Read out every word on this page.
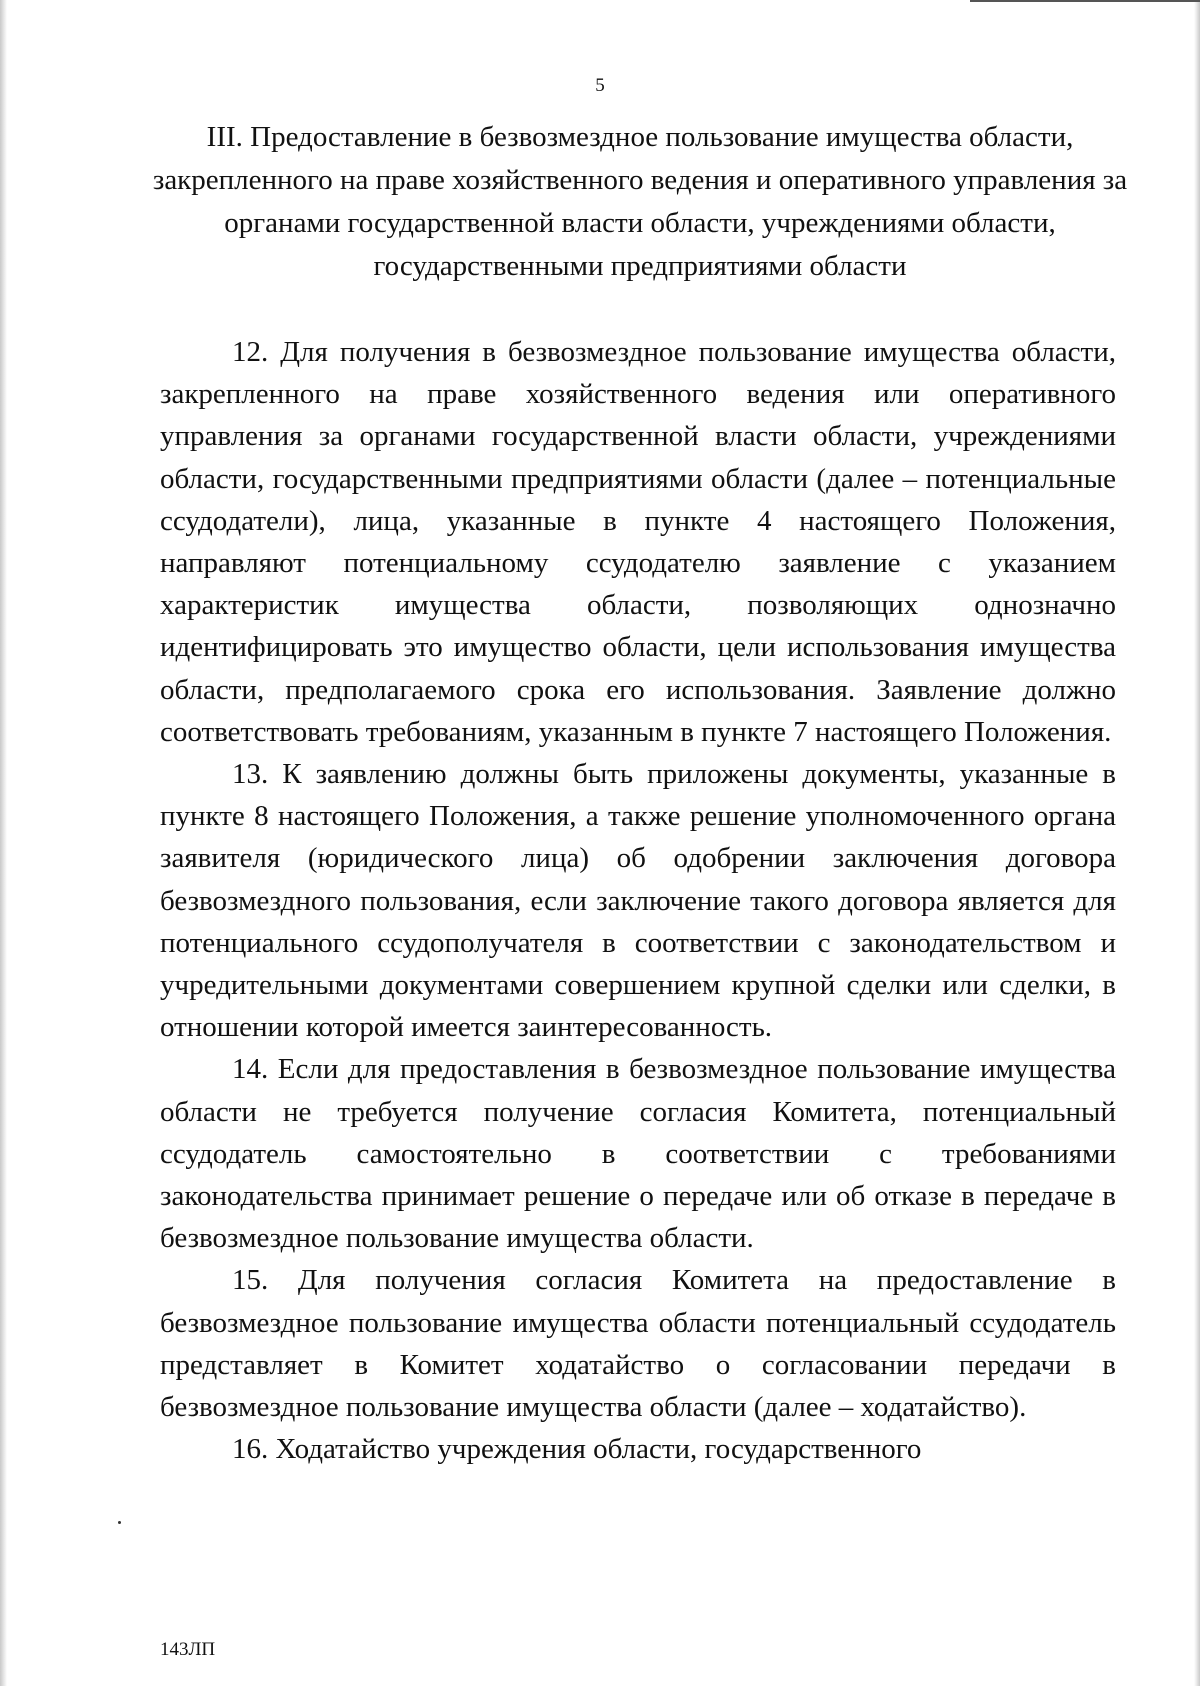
5
III. Предоставление в безвозмездное пользование имущества области, закрепленного на праве хозяйственного ведения и оперативного управления за органами государственной власти области, учреждениями области, государственными предприятиями области

12. Для получения в безвозмездное пользование имущества области, закрепленного на праве хозяйственного ведения или оперативного управления за органами государственной власти области, учреждениями области, государственными предприятиями области (далее – потенциальные ссудодатели), лица, указанные в пункте 4 настоящего Положения, направляют потенциальному ссудодателю заявление с указанием характеристик имущества области, позволяющих однозначно идентифицировать это имущество области, цели использования имущества области, предполагаемого срока его использования. Заявление должно соответствовать требованиям, указанным в пункте 7 настоящего Положения.

13. К заявлению должны быть приложены документы, указанные в пункте 8 настоящего Положения, а также решение уполномоченного органа заявителя (юридического лица) об одобрении заключения договора безвозмездного пользования, если заключение такого договора является для потенциального ссудополучателя в соответствии с законодательством и учредительными документами совершением крупной сделки или сделки, в отношении которой имеется заинтересованность.

14. Если для предоставления в безвозмездное пользование имущества области не требуется получение согласия Комитета, потенциальный ссудодатель самостоятельно в соответствии с требованиями законодательства принимает решение о передаче или об отказе в передаче в безвозмездное пользование имущества области.

15. Для получения согласия Комитета на предоставление в безвозмездное пользование имущества области потенциальный ссудодатель представляет в Комитет ходатайство о согласовании передачи в безвозмездное пользование имущества области (далее – ходатайство).

16. Ходатайство учреждения области, государственного

143ЛП
